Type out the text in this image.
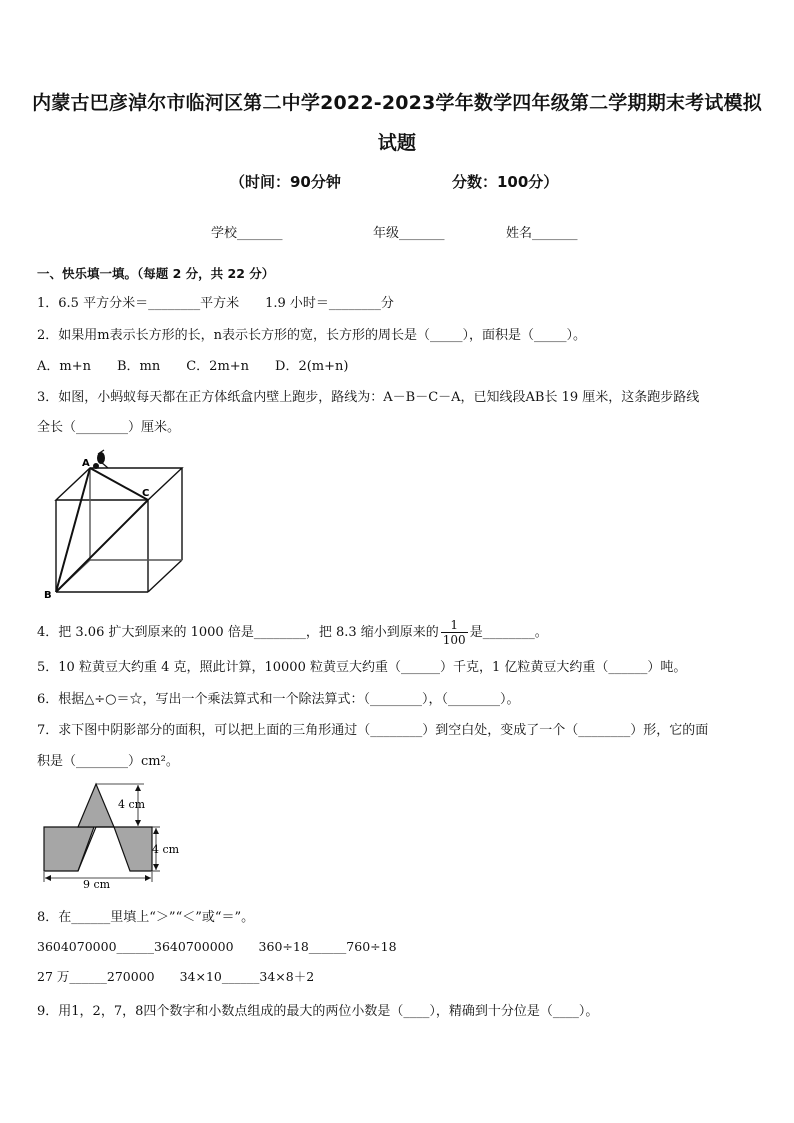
内蒙古巴彦淖尔市临河区第二中学2022-2023学年数学四年级第二学期期末考试模拟
试题
（时间：90分钟	分数：100分）
学校_______	年级_______	姓名_______
一、快乐填一填。（每题 2 分，共 22 分）
1．6.5 平方分米＝________平方米　　1.9 小时＝________分
2．如果用m表示长方形的长，n表示长方形的宽，长方形的周长是（_____），面积是（_____）。
A．m+n　　B．mn　　C．2m+n　　D．2(m+n)
3．如图，小蚂蚁每天都在正方体纸盒内壁上跑步，路线为：A－B－C－A，已知线段AB长 19 厘米，这条跑步路线
全长（________）厘米。
A
C
B
4．把 3.06 扩大到原来的 1000 倍是________，把 8.3 缩小到原来的 $\frac{1}{100}$ 是________。
5．10 粒黄豆大约重 4 克，照此计算，10000 粒黄豆大约重（______）千克，1 亿粒黄豆大约重（______）吨。
6．根据△÷○＝☆，写出一个乘法算式和一个除法算式：（________），（________）。
7．求下图中阴影部分的面积，可以把上面的三角形通过（________）到空白处，变成了一个（________）形，它的面
积是（________）cm²。
4 cm
4 cm
9 cm
8．在______里填上“＞”“＜”或“＝”。
3604070000______3640700000　　360÷18______760÷18
27 万______270000　　34×10______34×8＋2
9．用1，2，7，8四个数字和小数点组成的最大的两位小数是（____），精确到十分位是（____）。
